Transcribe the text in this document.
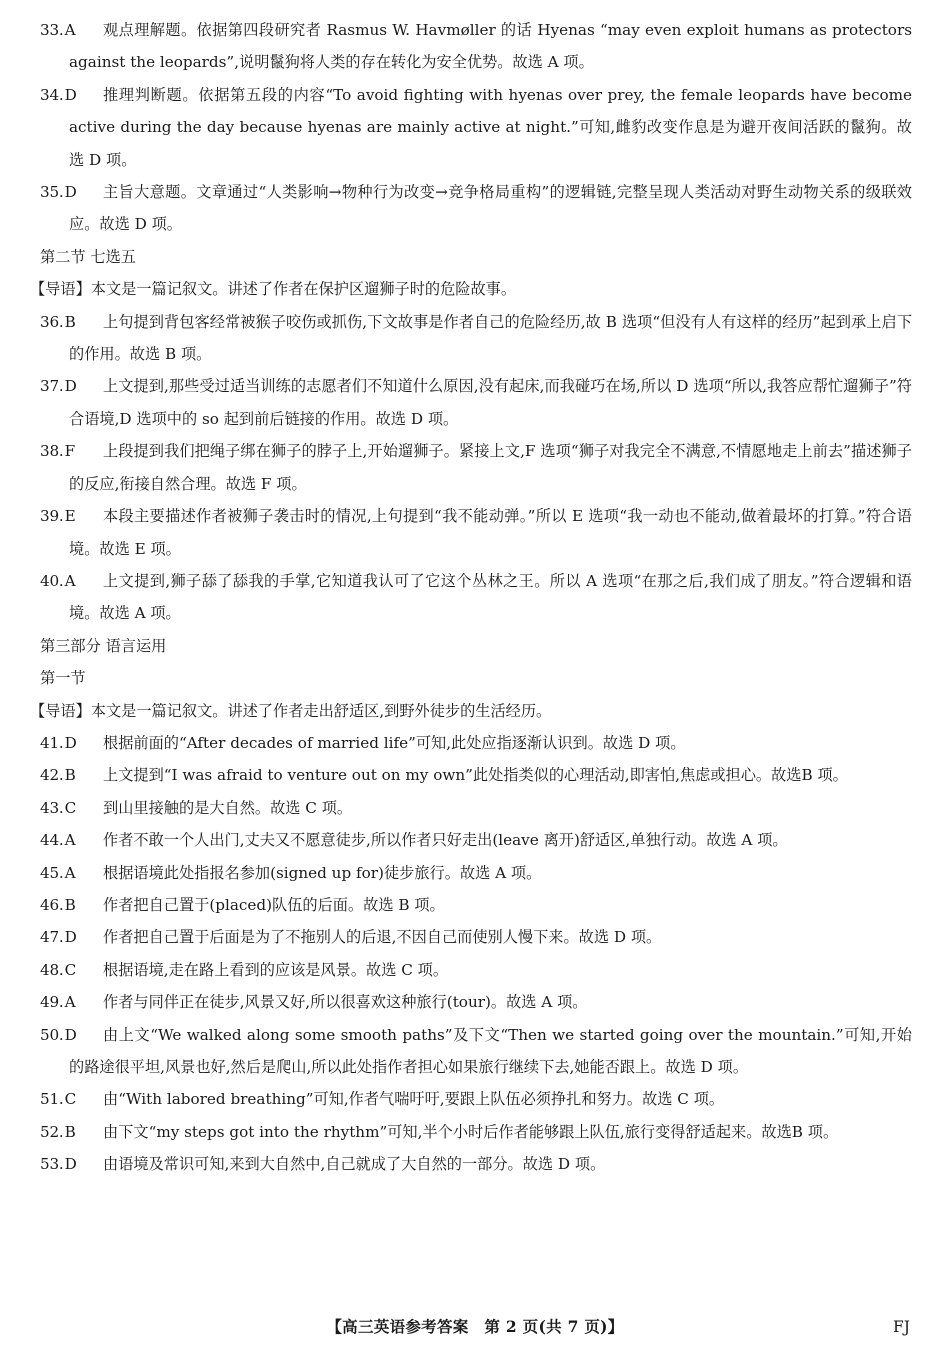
33.A	观点理解题。依据第四段研究者 Rasmus W. Havmøller 的话 Hyenas “may even exploit humans as protectors against the leopards”,说明鬣狗将人类的存在转化为安全优势。故选 A 项。
34.D	推理判断题。依据第五段的内容“To avoid fighting with hyenas over prey, the female leopards have become active during the day because hyenas are mainly active at night.”可知,雌豹改变作息是为避开夜间活跃的鬣狗。故选 D 项。
35.D	主旨大意题。文章通过“人类影响→物种行为改变→竞争格局重构”的逻辑链,完整呈现人类活动对野生动物关系的级联效应。故选 D 项。
第二节 七选五
【导语】本文是一篇记叙文。讲述了作者在保护区遛狮子时的危险故事。
36.B	上句提到背包客经常被猴子咬伤或抓伤,下文故事是作者自己的危险经历,故 B 选项“但没有人有这样的经历”起到承上启下的作用。故选 B 项。
37.D	上文提到,那些受过适当训练的志愿者们不知道什么原因,没有起床,而我碰巧在场,所以 D 选项“所以,我答应帮忙遛狮子”符合语境,D 选项中的 so 起到前后链接的作用。故选 D 项。
38.F	上段提到我们把绳子绑在狮子的脖子上,开始遛狮子。紧接上文,F 选项“狮子对我完全不满意,不情愿地走上前去”描述狮子的反应,衔接自然合理。故选 F 项。
39.E	本段主要描述作者被狮子袭击时的情况,上句提到“我不能动弹。”所以 E 选项“我一动也不能动,做着最坏的打算。”符合语境。故选 E 项。
40.A	上文提到,狮子舔了舔我的手掌,它知道我认可了它这个丛林之王。所以 A 选项“在那之后,我们成了朋友。”符合逻辑和语境。故选 A 项。
第三部分 语言运用
第一节
【导语】本文是一篇记叙文。讲述了作者走出舒适区,到野外徒步的生活经历。
41.D	根据前面的“After decades of married life”可知,此处应指逐渐认识到。故选 D 项。
42.B	上文提到“I was afraid to venture out on my own”此处指类似的心理活动,即害怕,焦虑或担心。故选B 项。
43.C	到山里接触的是大自然。故选 C 项。
44.A	作者不敢一个人出门,丈夫又不愿意徒步,所以作者只好走出(leave 离开)舒适区,单独行动。故选 A 项。
45.A	根据语境此处指报名参加(signed up for)徒步旅行。故选 A 项。
46.B	作者把自己置于(placed)队伍的后面。故选 B 项。
47.D	作者把自己置于后面是为了不拖别人的后退,不因自己而使别人慢下来。故选 D 项。
48.C	根据语境,走在路上看到的应该是风景。故选 C 项。
49.A	作者与同伴正在徒步,风景又好,所以很喜欢这种旅行(tour)。故选 A 项。
50.D	由上文“We walked along some smooth paths”及下文“Then we started going over the mountain.”可知,开始的路途很平坦,风景也好,然后是爬山,所以此处指作者担心如果旅行继续下去,她能否跟上。故选 D 项。
51.C	由“With labored breathing”可知,作者气喘吁吁,要跟上队伍必须挣扎和努力。故选 C 项。
52.B	由下文“my steps got into the rhythm”可知,半个小时后作者能够跟上队伍,旅行变得舒适起来。故选B 项。
53.D	由语境及常识可知,来到大自然中,自己就成了大自然的一部分。故选 D 项。
【高三英语参考答案　第 2 页(共 7 页)】	FJ
